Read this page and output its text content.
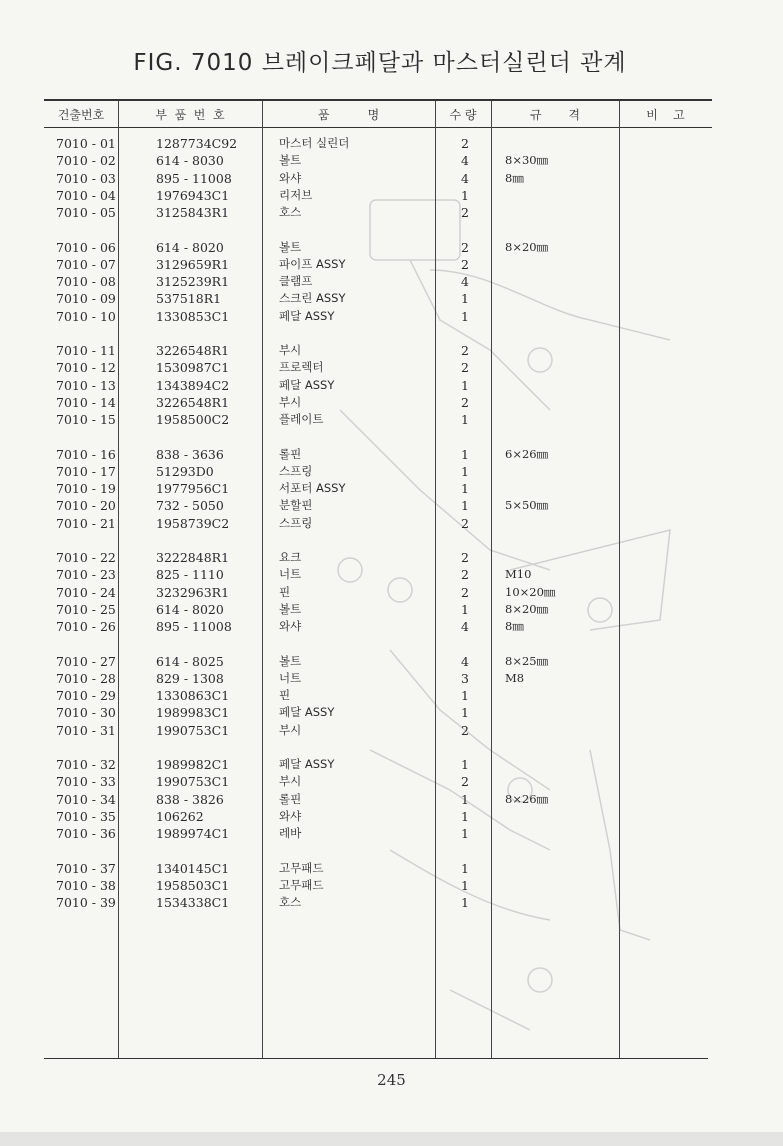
FIG. 7010 브레이크페달과 마스터실린더 관계
건출번호	부  품  번  호	품          명	수 량	규       격	비    고
7010 - 01	1287734C92	마스터 실린더	2
7010 - 02	614 - 8030	볼트	4	8×30㎜
7010 - 03	895 - 11008	와샤	4	8㎜
7010 - 04	1976943C1	리저브	1
7010 - 05	3125843R1	호스	2
7010 - 06	614 - 8020	볼트	2	8×20㎜
7010 - 07	3129659R1	파이프 ASSY	2
7010 - 08	3125239R1	클램프	4
7010 - 09	537518R1	스크린 ASSY	1
7010 - 10	1330853C1	페달 ASSY	1
7010 - 11	3226548R1	부시	2
7010 - 12	1530987C1	프로렉터	2
7010 - 13	1343894C2	페달 ASSY	1
7010 - 14	3226548R1	부시	2
7010 - 15	1958500C2	플레이트	1
7010 - 16	838 - 3636	롤핀	1	6×26㎜
7010 - 17	51293D0	스프링	1
7010 - 19	1977956C1	서포터 ASSY	1
7010 - 20	732 - 5050	분할핀	1	5×50㎜
7010 - 21	1958739C2	스프링	2
7010 - 22	3222848R1	요크	2
7010 - 23	825 - 1110	너트	2	M10
7010 - 24	3232963R1	핀	2	10×20㎜
7010 - 25	614 - 8020	볼트	1	8×20㎜
7010 - 26	895 - 11008	와샤	4	8㎜
7010 - 27	614 - 8025	볼트	4	8×25㎜
7010 - 28	829 - 1308	너트	3	M8
7010 - 29	1330863C1	핀	1
7010 - 30	1989983C1	페달 ASSY	1
7010 - 31	1990753C1	부시	2
7010 - 32	1989982C1	페달 ASSY	1
7010 - 33	1990753C1	부시	2
7010 - 34	838 - 3826	롤핀	1	8×26㎜
7010 - 35	106262	와샤	1
7010 - 36	1989974C1	레바	1
7010 - 37	1340145C1	고무패드	1
7010 - 38	1958503C1	고무패드	1
7010 - 39	1534338C1	호스	1
245
